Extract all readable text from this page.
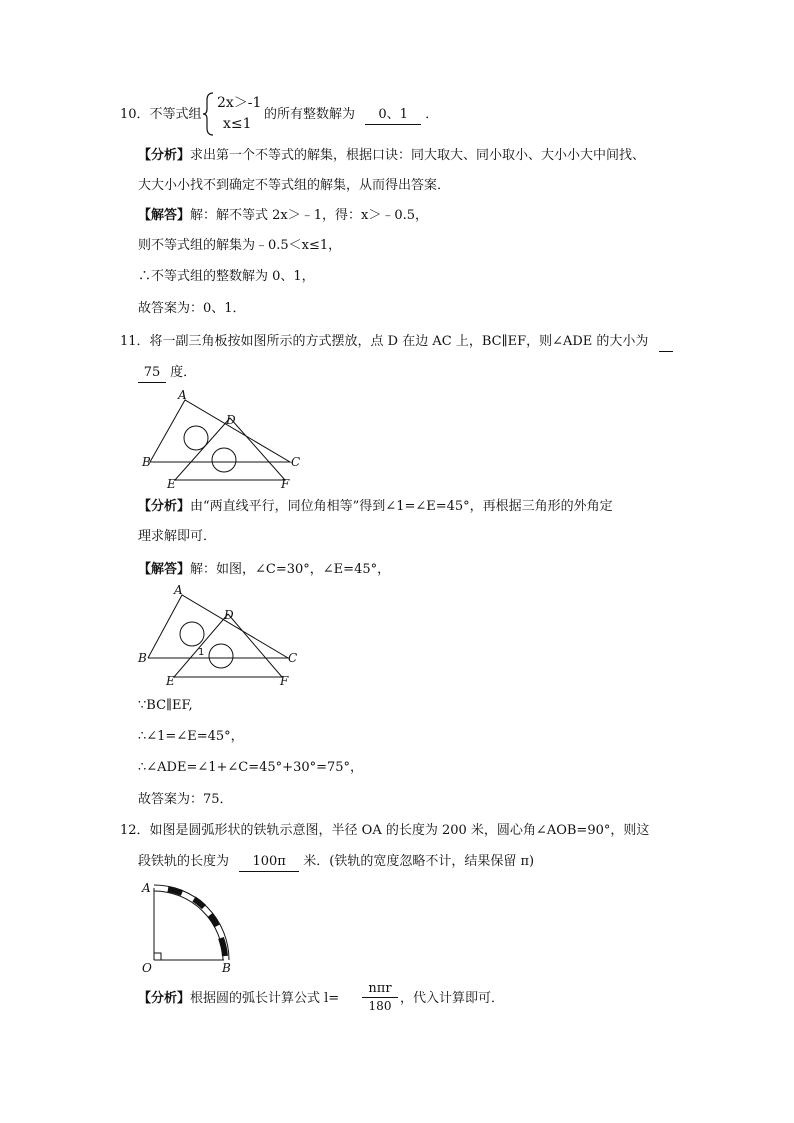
10．不等式组
2x＞-1
x≤1
的所有整数解为 0、1 ．
【分析】求出第一个不等式的解集，根据口诀：同大取大、同小取小、大小小大中间找、
大大小小找不到确定不等式组的解集，从而得出答案．
【解答】解：解不等式 2x＞﹣1，得：x＞﹣0.5，
则不等式组的解集为﹣0.5＜x≤1，
∴不等式组的整数解为 0、1，
故答案为：0、1．
11．将一副三角板按如图所示的方式摆放，点 D 在边 AC 上，BC∥EF，则∠ADE 的大小为
75 度．
A
B	C
D
E	F
【分析】由“两直线平行，同位角相等”得到∠1=∠E=45°，再根据三角形的外角定
理求解即可．
【解答】解：如图，∠C=30°，∠E=45°，
A
B	C
D
E	F
1
∵BC∥EF,
∴∠1=∠E=45°，
∴∠ADE=∠1+∠C=45°+30°=75°，
故答案为：75．
12．如图是圆弧形状的铁轨示意图，半径 OA 的长度为 200 米，圆心角∠AOB=90°，则这
段铁轨的长度为 100π 米．(铁轨的宽度忽略不计，结果保留 π)
A
O	B
【分析】根据圆的弧长计算公式 l=
nπr
180 ，代入计算即可．
